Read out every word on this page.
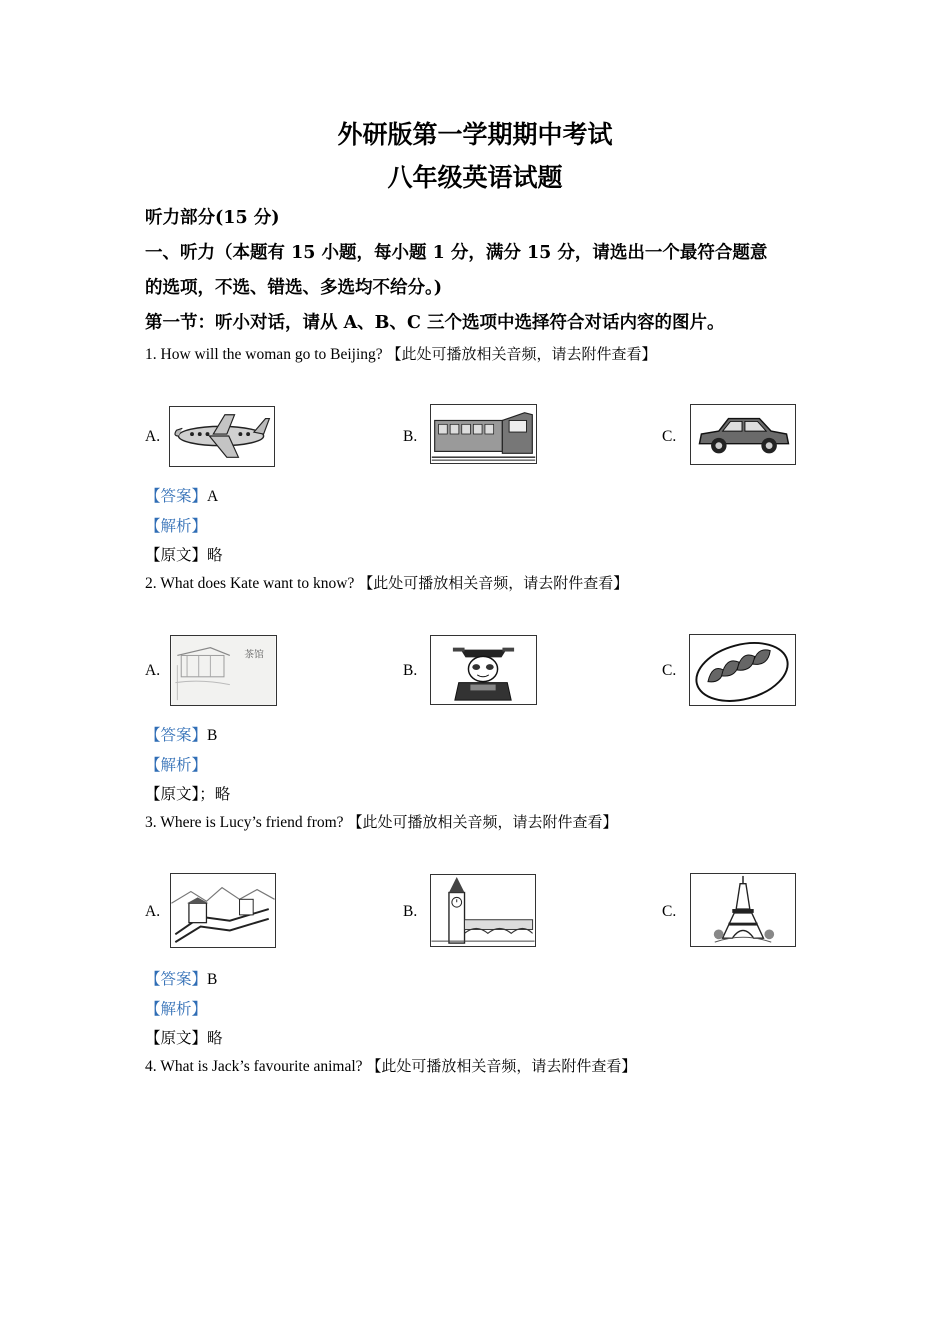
外研版第一学期期中考试
八年级英语试题
听力部分(15 分)
一、听力（本题有 15 小题，每小题 1 分，满分 15 分，请选出一个最符合题意
的选项，不选、错选、多选均不给分。)
第一节：听小对话，请从 A、B、C 三个选项中选择符合对话内容的图片。
1. How will the woman go to Beijing? 【此处可播放相关音频，请去附件查看】
A.	B.	C.
【答案】A
【解析】
【原文】略
2. What does Kate want to know? 【此处可播放相关音频，请去附件查看】
A.
茶馆
B.	C.
【答案】B
【解析】
【原文】；略
3. Where is Lucy’s friend from? 【此处可播放相关音频，请去附件查看】
A.	B.	C.
【答案】B
【解析】
【原文】略
4. What is Jack’s favourite animal? 【此处可播放相关音频，请去附件查看】
